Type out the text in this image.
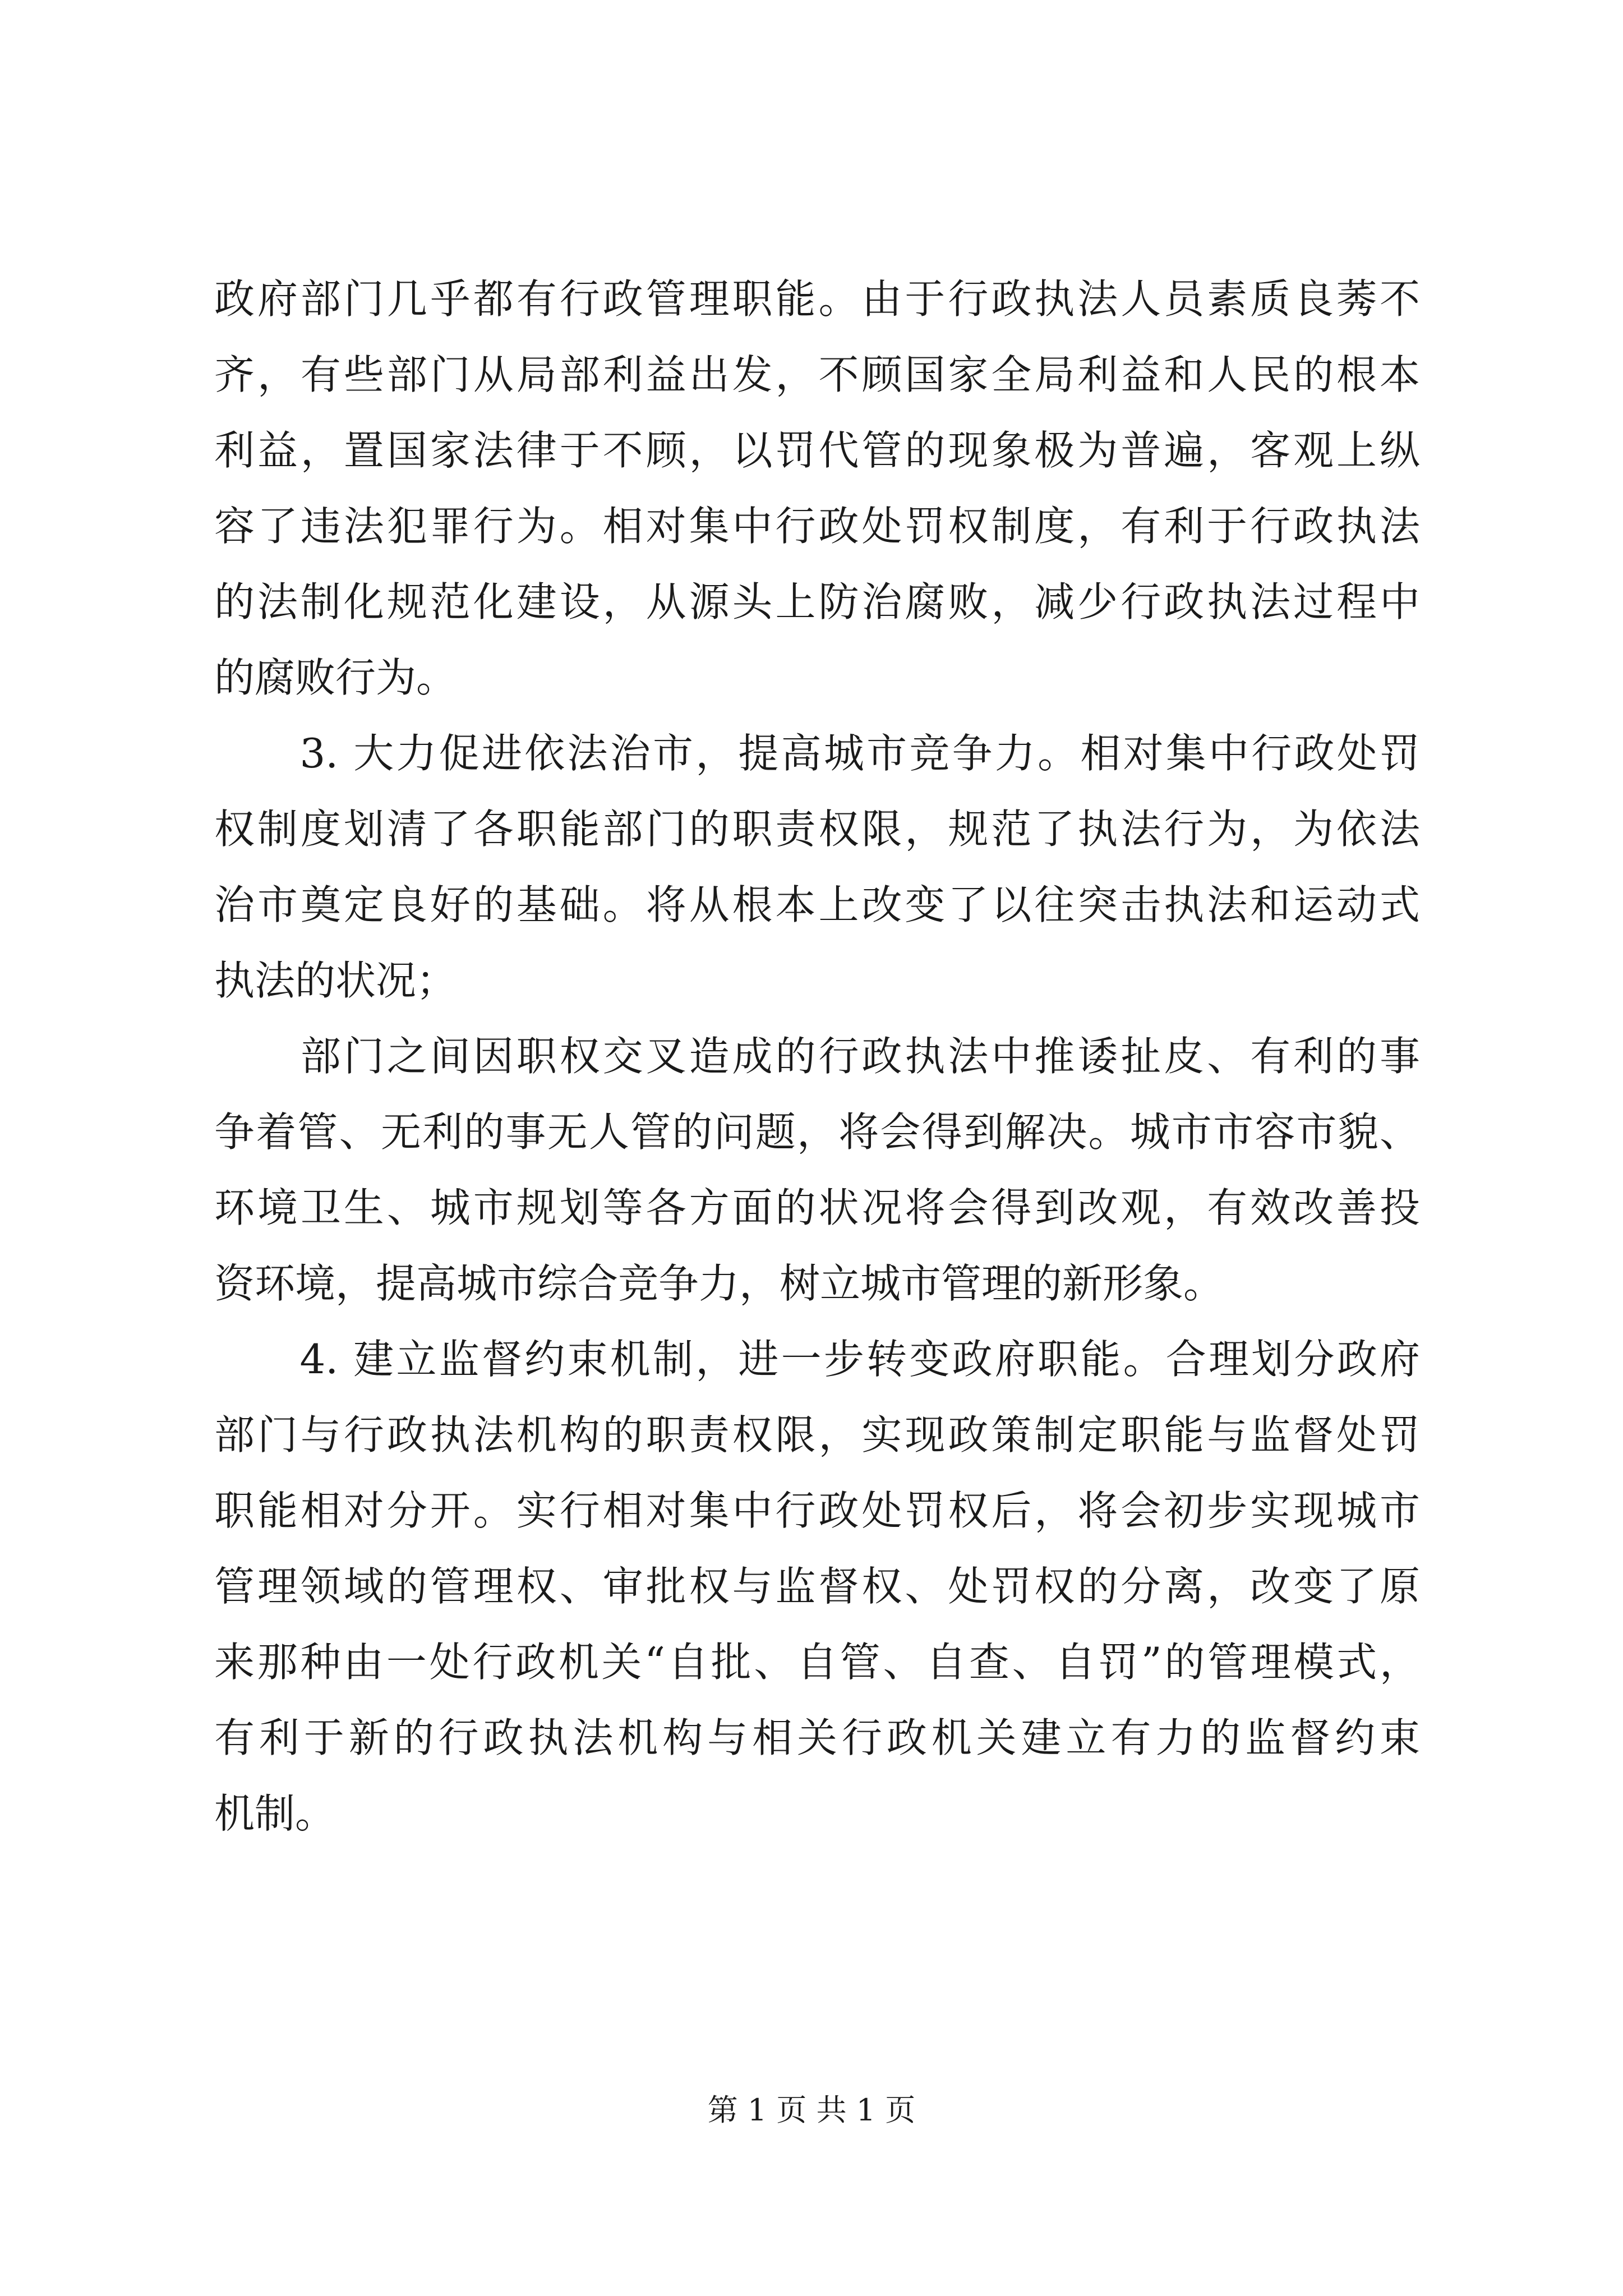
政府部门几乎都有行政管理职能。由于行政执法人员素质良莠不
齐，有些部门从局部利益出发，不顾国家全局利益和人民的根本
利益，置国家法律于不顾，以罚代管的现象极为普遍，客观上纵
容了违法犯罪行为。相对集中行政处罚权制度，有利于行政执法
的法制化规范化建设，从源头上防治腐败，减少行政执法过程中
的腐败行为。
　　3. 大力促进依法治市，提高城市竞争力。相对集中行政处罚
权制度划清了各职能部门的职责权限，规范了执法行为，为依法
治市奠定良好的基础。将从根本上改变了以往突击执法和运动式
执法的状况；
　　部门之间因职权交叉造成的行政执法中推诿扯皮、有利的事
争着管、无利的事无人管的问题，将会得到解决。城市市容市貌、
环境卫生、城市规划等各方面的状况将会得到改观，有效改善投
资环境，提高城市综合竞争力，树立城市管理的新形象。
　　4. 建立监督约束机制，进一步转变政府职能。合理划分政府
部门与行政执法机构的职责权限，实现政策制定职能与监督处罚
职能相对分开。实行相对集中行政处罚权后，将会初步实现城市
管理领域的管理权、审批权与监督权、处罚权的分离，改变了原
来那种由一处行政机关“自批、自管、自查、自罚”的管理模式，
有利于新的行政执法机构与相关行政机关建立有力的监督约束
机制。
第 1 页 共 1 页
